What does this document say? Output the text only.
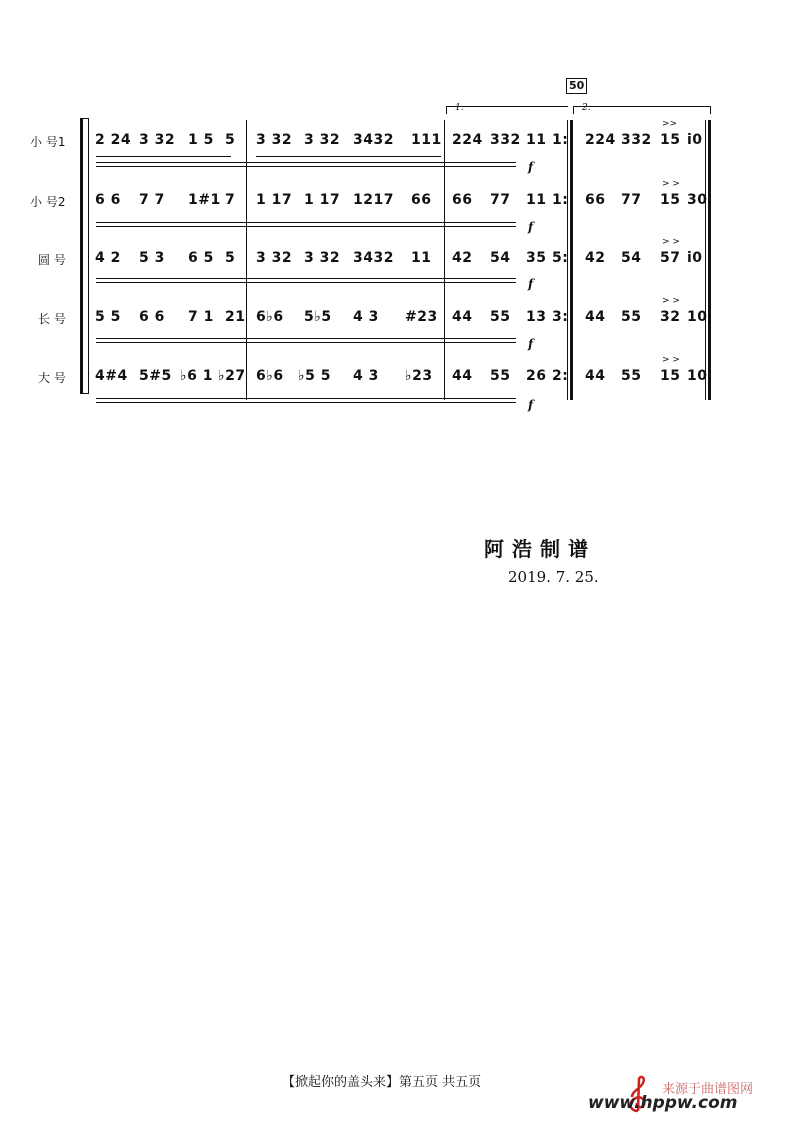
50
1.	2.
小 号1 2 24 3 32 1 5 5 3 32 3 32 3432 111 224 332 11 1: 224 332 15 i0
>>
f
小 号2 6 6 7 7 1#1 7 1 17 1 17 1217 66 66 77 11 1: 66 77 15 30
> >
f
圆 号 4 2 5 3 6 5 5 3 32 3 32 3432 11 42 54 35 5: 42 54 57 i0
> >
f
长 号 5 5 6 6 7 1 21 6♭6 5♭5 4 3 #23 44 55 13 3: 44 55 32 10
> >
f
大 号 4#4 5#5 ♭6 1 ♭27 6♭6 ♭5 5 4 3 ♭23 44 55 26 2: 44 55 15 10
> >
f
阿浩制谱
2019. 7. 25.
【掀起你的盖头来】第五页 共五页	来源于曲谱图网
www.hppw.com
